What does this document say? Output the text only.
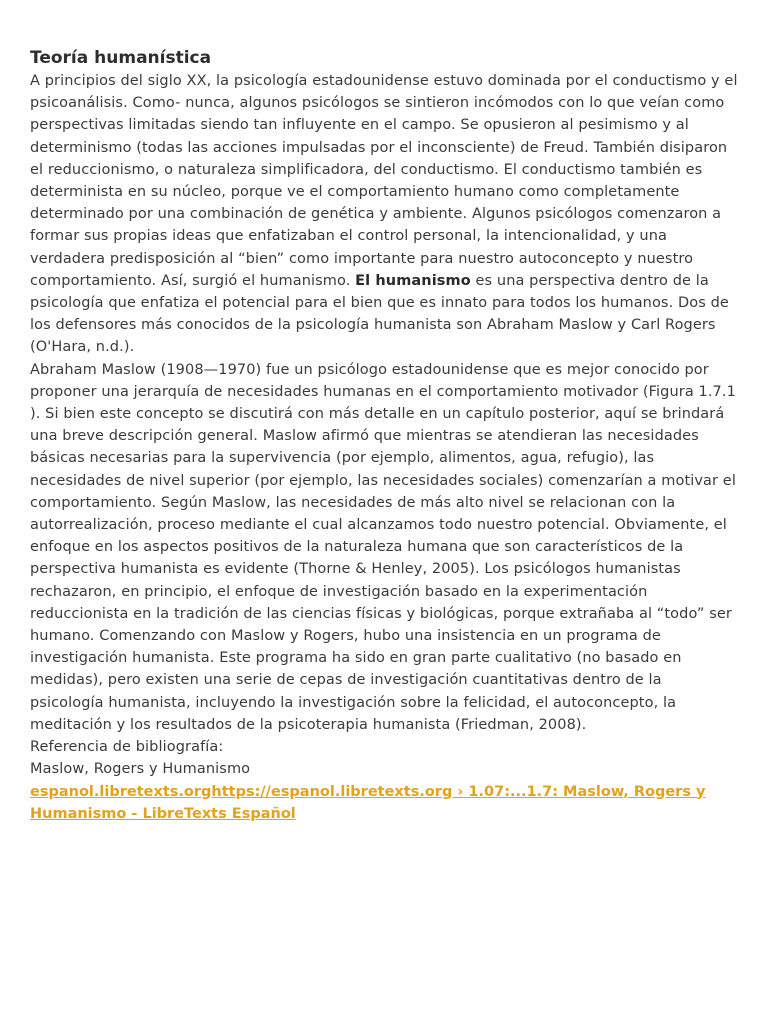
Teoría humanística

A principios del siglo XX, la psicología estadounidense estuvo dominada por el conductismo y el psicoanálisis. Como- nunca, algunos psicólogos se sintieron incómodos con lo que veían como perspectivas limitadas siendo tan influyente en el campo. Se opusieron al pesimismo y al determinismo (todas las acciones impulsadas por el inconsciente) de Freud. También disiparon el reduccionismo, o naturaleza simplificadora, del conductismo. El conductismo también es determinista en su núcleo, porque ve el comportamiento humano como completamente determinado por una combinación de genética y ambiente. Algunos psicólogos comenzaron a formar sus propias ideas que enfatizaban el control personal, la intencionalidad, y una verdadera predisposición al “bien” como importante para nuestro autoconcepto y nuestro comportamiento. Así, surgió el humanismo. El humanismo es una perspectiva dentro de la psicología que enfatiza el potencial para el bien que es innato para todos los humanos. Dos de los defensores más conocidos de la psicología humanista son Abraham Maslow y Carl Rogers (O'Hara, n.d.).

Abraham Maslow (1908—1970) fue un psicólogo estadounidense que es mejor conocido por proponer una jerarquía de necesidades humanas en el comportamiento motivador (Figura 1.7.1

). Si bien este concepto se discutirá con más detalle en un capítulo posterior, aquí se brindará una breve descripción general. Maslow afirmó que mientras se atendieran las necesidades básicas necesarias para la supervivencia (por ejemplo, alimentos, agua, refugio), las necesidades de nivel superior (por ejemplo, las necesidades sociales) comenzarían a motivar el comportamiento. Según Maslow, las necesidades de más alto nivel se relacionan con la autorrealización, proceso mediante el cual alcanzamos todo nuestro potencial. Obviamente, el enfoque en los aspectos positivos de la naturaleza humana que son característicos de la perspectiva humanista es evidente (Thorne & Henley, 2005). Los psicólogos humanistas rechazaron, en principio, el enfoque de investigación basado en la experimentación reduccionista en la tradición de las ciencias físicas y biológicas, porque extrañaba al “todo” ser humano. Comenzando con Maslow y Rogers, hubo una insistencia en un programa de investigación humanista. Este programa ha sido en gran parte cualitativo (no basado en medidas), pero existen una serie de cepas de investigación cuantitativas dentro de la psicología humanista, incluyendo la investigación sobre la felicidad, el autoconcepto, la meditación y los resultados de la psicoterapia humanista (Friedman, 2008).

Referencia de bibliografía:

Maslow, Rogers y Humanismo

espanol.libretexts.orghttps://espanol.libretexts.org › 1.07:...1.7: Maslow, Rogers y
Humanismo - LibreTexts Español
